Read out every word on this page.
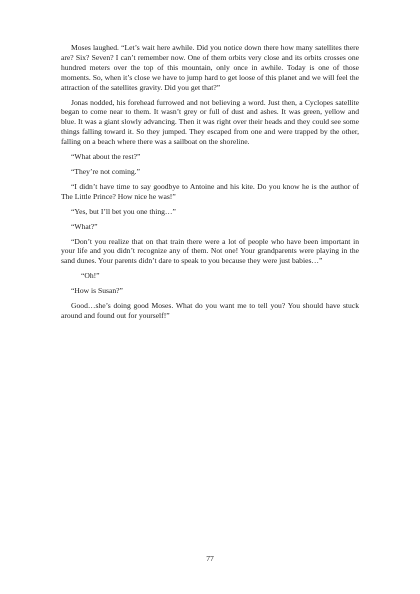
Moses laughed. “Let’s wait here awhile. Did you notice down there how many satellites there are? Six? Seven? I can’t remember now. One of them orbits very close and its orbits crosses one hundred meters over the top of this mountain, only once in awhile. Today is one of those moments. So, when it’s close we have to jump hard to get loose of this planet and we will feel the attraction of the satellites gravity. Did you get that?”

Jonas nodded, his forehead furrowed and not believing a word. Just then, a Cyclopes satellite began to come near to them. It wasn’t grey or full of dust and ashes. It was green, yellow and blue. It was a giant slowly advancing. Then it was right over their heads and they could see some things falling toward it. So they jumped. They escaped from one and were trapped by the other, falling on a beach where there was a sailboat on the shoreline.

“What about the rest?”

“They’re not coming.”

“I didn’t have time to say goodbye to Antoine and his kite. Do you know he is the author of The Little Prince? How nice he was!”

“Yes, but I’ll bet you one thing…”

“What?”

“Don’t you realize that on that train there were a lot of people who have been important in your life and you didn’t recognize any of them. Not one! Your grandparents were playing in the sand dunes. Your parents didn’t dare to speak to you because they were just babies…”

“Oh!”

“How is Susan?”

Good…she’s doing good Moses. What do you want me to tell you? You should have stuck around and found out for yourself!”

77
